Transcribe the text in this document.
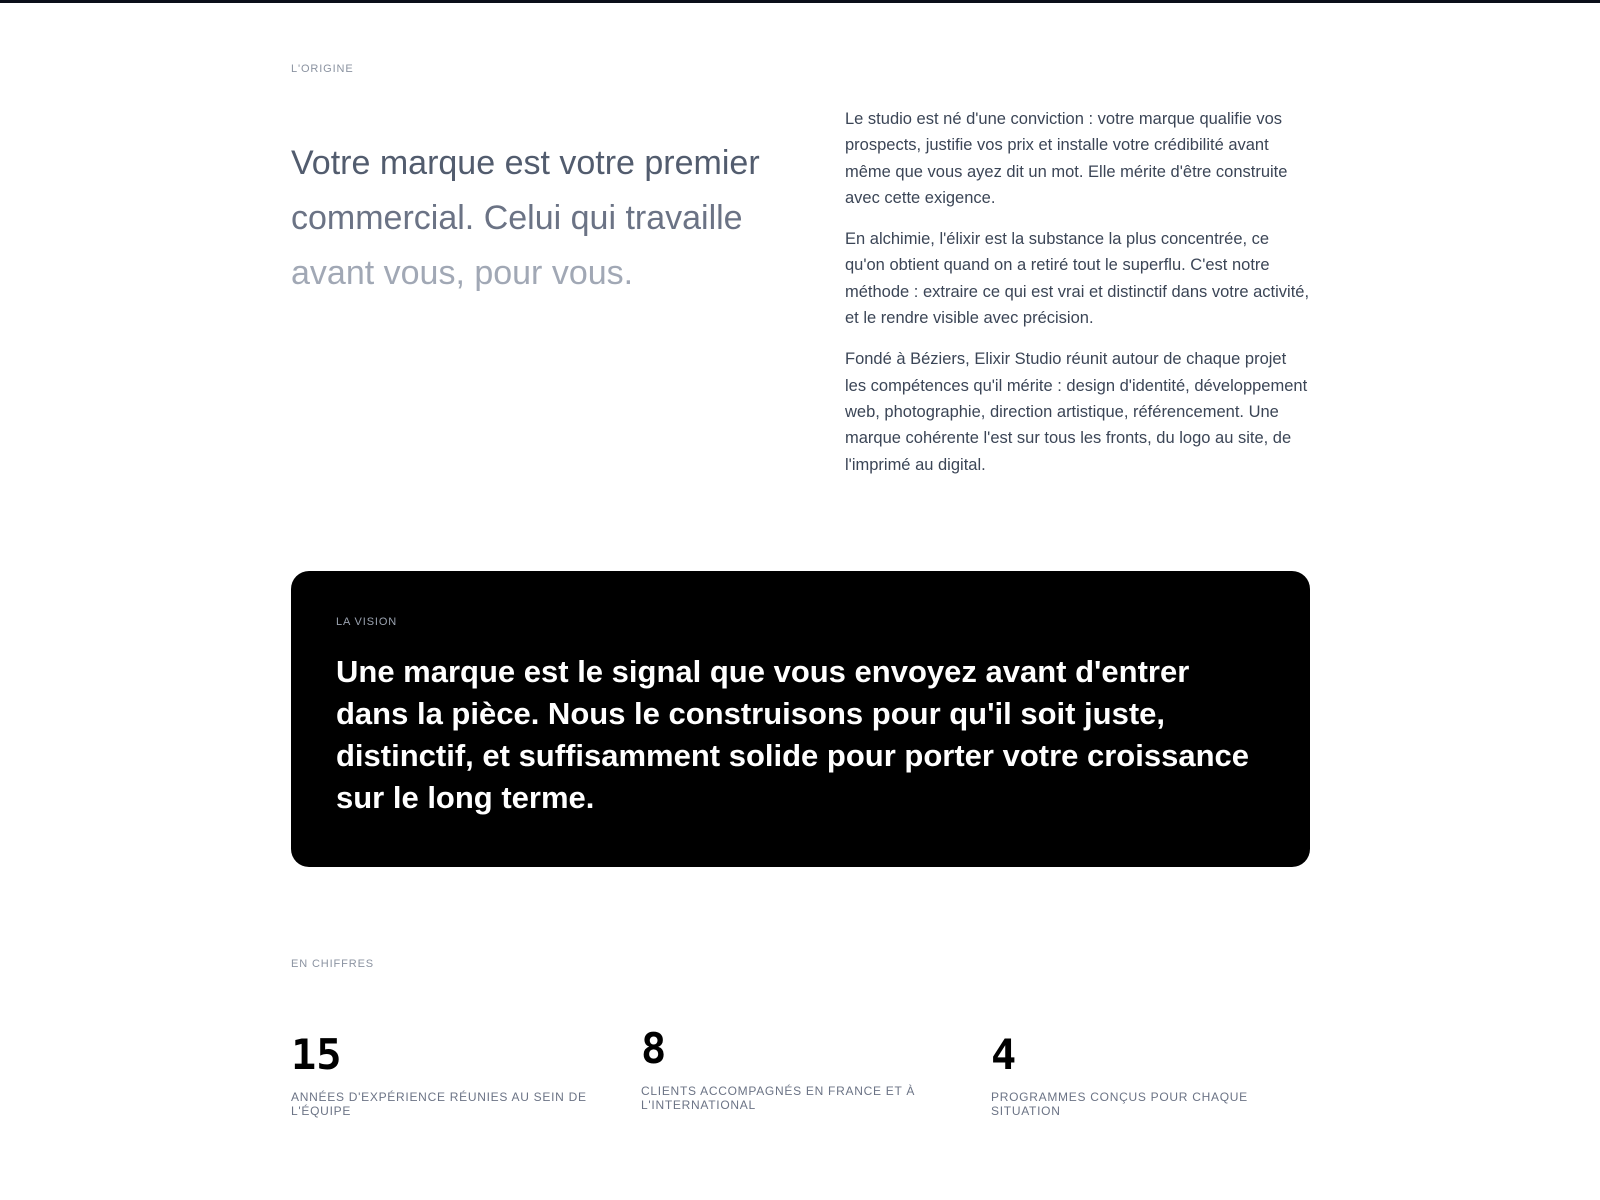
L'ORIGINE
Votre marque est votre premier
commercial. Celui qui travaille
avant vous, pour vous.

Le studio est né d'une conviction : votre marque qualifie vos prospects, justifie vos prix et installe votre crédibilité avant même que vous ayez dit un mot. Elle mérite d'être construite avec cette exigence.

En alchimie, l'élixir est la substance la plus concentrée, ce qu'on obtient quand on a retiré tout le superflu. C'est notre méthode : extraire ce qui est vrai et distinctif dans votre activité, et le rendre visible avec précision.

Fondé à Béziers, Elixir Studio réunit autour de chaque projet les compétences qu'il mérite : design d'identité, développement web, photographie, direction artistique, référencement. Une marque cohérente l'est sur tous les fronts, du logo au site, de l'imprimé au digital.

LA VISION

Une marque est le signal que vous envoyez avant d'entrer dans la pièce. Nous le construisons pour qu'il soit juste, distinctif, et suffisamment solide pour porter votre croissance sur le long terme.

EN CHIFFRES
15
ANNÉES D'EXPÉRIENCE RÉUNIES AU SEIN DE L'ÉQUIPE
8
CLIENTS ACCOMPAGNÉS EN FRANCE ET À L'INTERNATIONAL
4
PROGRAMMES CONÇUS POUR CHAQUE SITUATION
